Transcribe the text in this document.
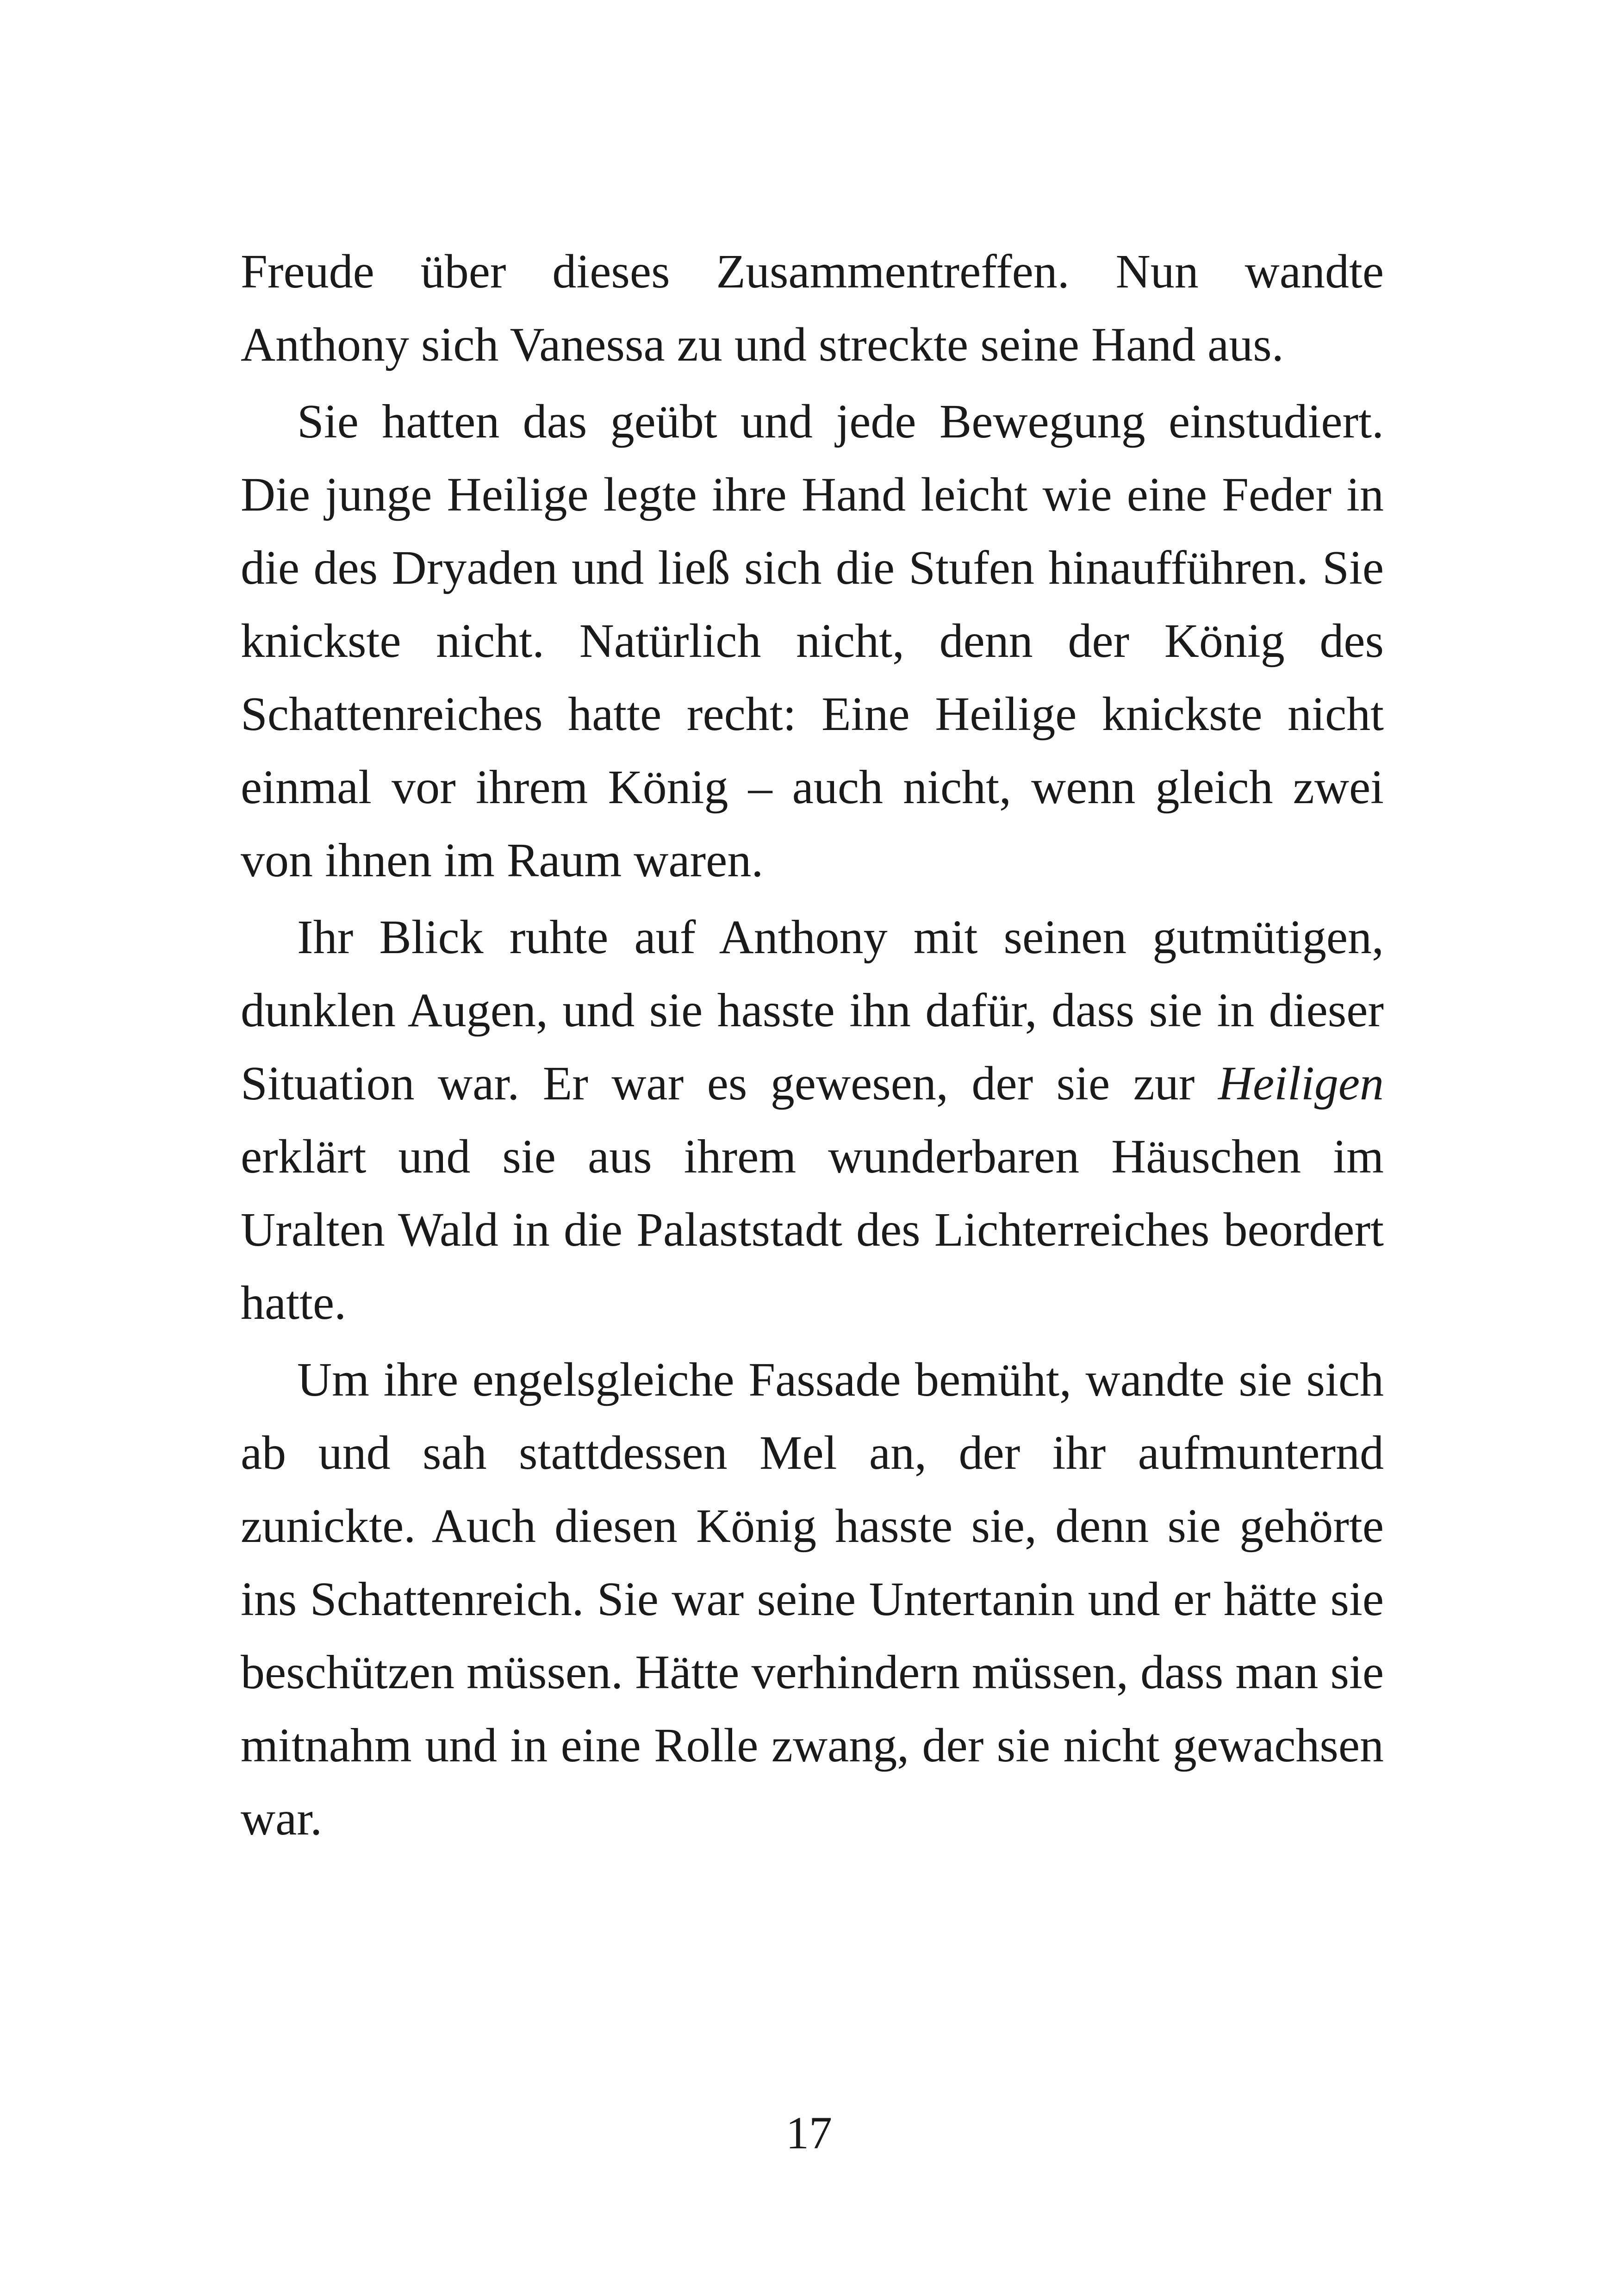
Freude über dieses Zusammentreffen. Nun wandte Anthony sich Vanessa zu und streckte seine Hand aus.

Sie hatten das geübt und jede Bewegung einstudiert. Die junge Heilige legte ihre Hand leicht wie eine Feder in die des Dryaden und ließ sich die Stufen hinaufführen. Sie knickste nicht. Natürlich nicht, denn der König des Schattenreiches hatte recht: Eine Heilige knickste nicht einmal vor ihrem König – auch nicht, wenn gleich zwei von ihnen im Raum waren.

Ihr Blick ruhte auf Anthony mit seinen gutmütigen, dunklen Augen, und sie hasste ihn dafür, dass sie in dieser Situation war. Er war es gewesen, der sie zur Heiligen erklärt und sie aus ihrem wunderbaren Häuschen im Uralten Wald in die Palaststadt des Lichterreiches beordert hatte.

Um ihre engelsgleiche Fassade bemüht, wandte sie sich ab und sah stattdessen Mel an, der ihr aufmunternd zunickte. Auch diesen König hasste sie, denn sie gehörte ins Schattenreich. Sie war seine Untertanin und er hätte sie beschützen müssen. Hätte verhindern müssen, dass man sie mitnahm und in eine Rolle zwang, der sie nicht gewachsen war.

17
